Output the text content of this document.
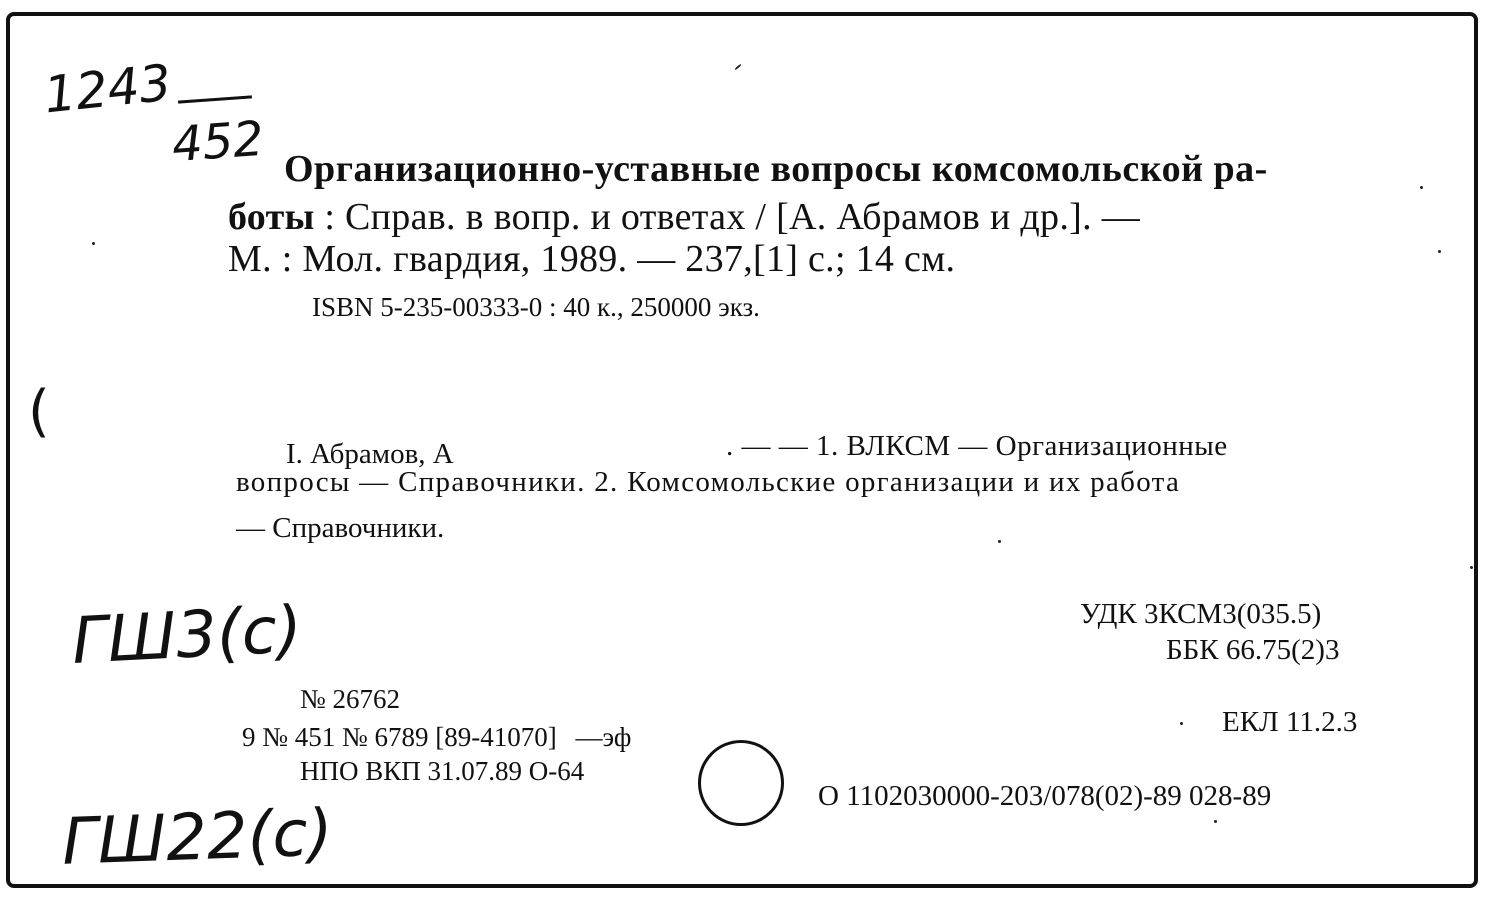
1243
452 Организационно-уставные вопросы комсомольской ра-
боты : Справ. в вопр. и ответах / [А. Абрамов и др.]. —
М. : Мол. гвардия, 1989. — 237,[1] с.; 14 см.
ISBN 5-235-00333-0 : 40 к., 250000 экз.
(
I. Абрамов, А	. — — 1. ВЛКСМ — Организационные
вопросы — Справочники. 2. Комсомольские организации и их работа
— Справочники.
УДК 3КСМ3(035.5)
ББК 66.75(2)3
ЕКЛ 11.2.3
О 1102030000-203/078(02)-89 028-89
ГШ3(с)
ГШ22(с)
№ 26762
9 № 451 № 6789 [89-41070] —эф
НПО ВКП 31.07.89 О-64
